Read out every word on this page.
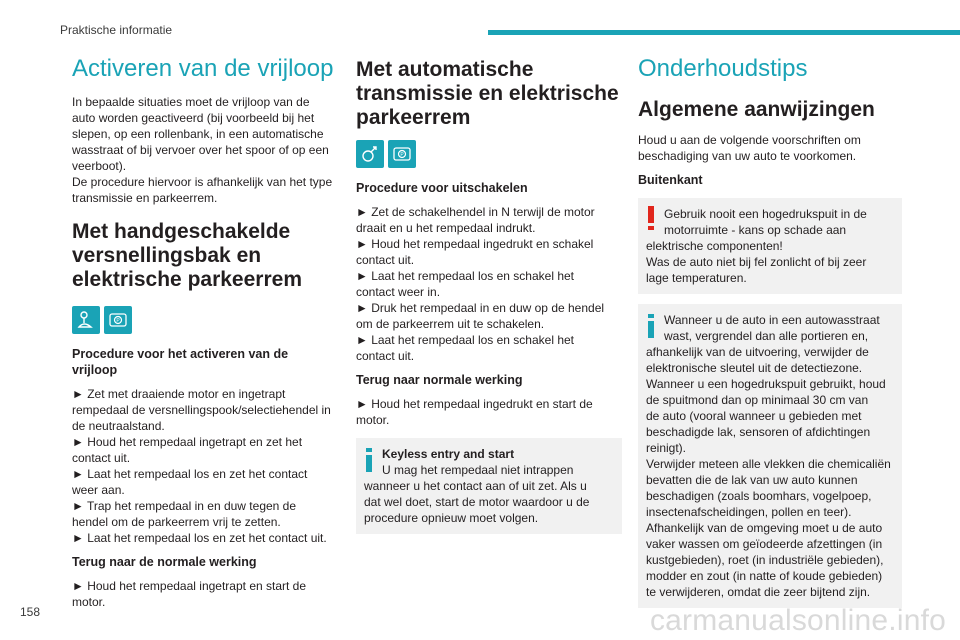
Praktische informatie
Activeren van de vrijloop
In bepaalde situaties moet de vrijloop van de
auto worden geactiveerd (bij voorbeeld bij het
slepen, op een rollenbank, in een automatische
wasstraat of bij vervoer over het spoor of op een
veerboot).
De procedure hiervoor is afhankelijk van het type
transmissie en parkeerrem.
Met handgeschakelde
versnellingsbak en
elektrische parkeerrem
P
Procedure voor het activeren van de
vrijloop
► Zet met draaiende motor en ingetrapt
rempedaal de versnellingspook/selectiehendel in
de neutraalstand.
► Houd het rempedaal ingetrapt en zet het
contact uit.
► Laat het rempedaal los en zet het contact
weer aan.
► Trap het rempedaal in en duw tegen de
hendel om de parkeerrem vrij te zetten.
► Laat het rempedaal los en zet het contact uit.
Terug naar de normale werking
► Houd het rempedaal ingetrapt en start de
motor.
Met automatische
transmissie en elektrische
parkeerrem
P
Procedure voor uitschakelen
► Zet de schakelhendel in N terwijl de motor
draait en u het rempedaal indrukt.
► Houd het rempedaal ingedrukt en schakel
contact uit.
► Laat het rempedaal los en schakel het
contact weer in.
► Druk het rempedaal in en duw op de hendel
om de parkeerrem uit te schakelen.
► Laat het rempedaal los en schakel het
contact uit.
Terug naar normale werking
► Houd het rempedaal ingedrukt en start de
motor.
Keyless entry and start
U mag het rempedaal niet intrappen
wanneer u het contact aan of uit zet. Als u
dat wel doet, start de motor waardoor u de
procedure opnieuw moet volgen.
Onderhoudstips
Algemene aanwijzingen
Houd u aan de volgende voorschriften om
beschadiging van uw auto te voorkomen.
Buitenkant
Gebruik nooit een hogedrukspuit in de
motorruimte - kans op schade aan
elektrische componenten!
Was de auto niet bij fel zonlicht of bij zeer
lage temperaturen.
Wanneer u de auto in een autowasstraat
wast, vergrendel dan alle portieren en,
afhankelijk van de uitvoering, verwijder de
elektronische sleutel uit de detectiezone.
Wanneer u een hogedrukspuit gebruikt, houd
de spuitmond dan op minimaal 30 cm van
de auto (vooral wanneer u gebieden met
beschadigde lak, sensoren of afdichtingen
reinigt).
Verwijder meteen alle vlekken die chemicaliën
bevatten die de lak van uw auto kunnen
beschadigen (zoals boomhars, vogelpoep,
insectenafscheidingen, pollen en teer).
Afhankelijk van de omgeving moet u de auto
vaker wassen om geïodeerde afzettingen (in
kustgebieden), roet (in industriële gebieden),
modder en zout (in natte of koude gebieden)
te verwijderen, omdat die zeer bijtend zijn.
158	carmanualsonline.info
